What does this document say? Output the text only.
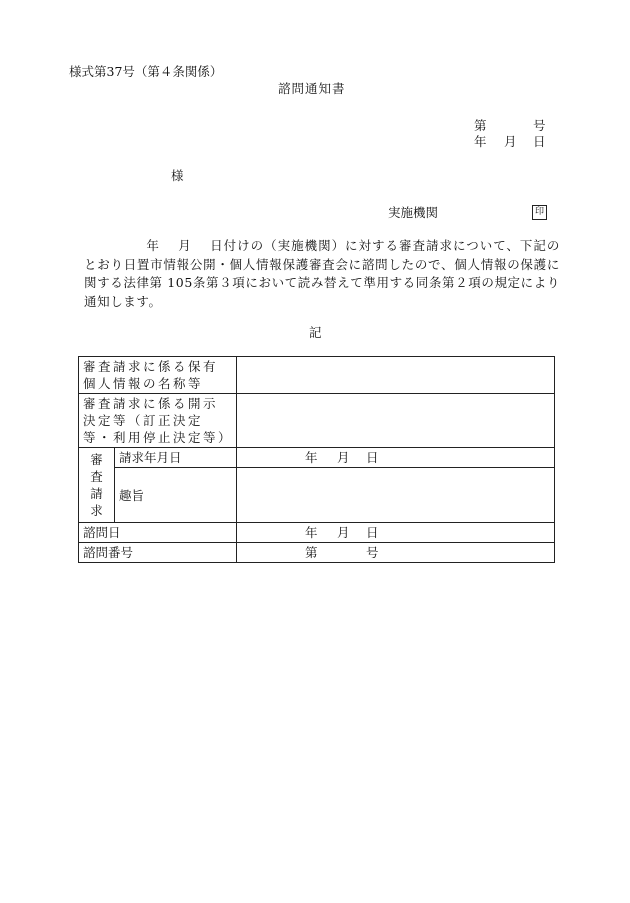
様式第37号（第４条関係）
諮問通知書
第	号
年 月 日
様
実施機関	印
年 月 日付けの（実施機関）に対する審査請求について、下記のとおり日置市情報公開・個人情報保護審査会に諮問したので、個人情報の保護に関する法律第 105条第３項において読み替えて準用する同条第２項の規定により通知します。
記
審査請求に係る保有個人情報の名称等		
審査請求に係る開示決定等（訂正決定等・利用停止決定等）		

審
査
請
求	請求年月日	年 月 日
	趣旨	
諮問日		年 月 日
諮問番号		第 号
